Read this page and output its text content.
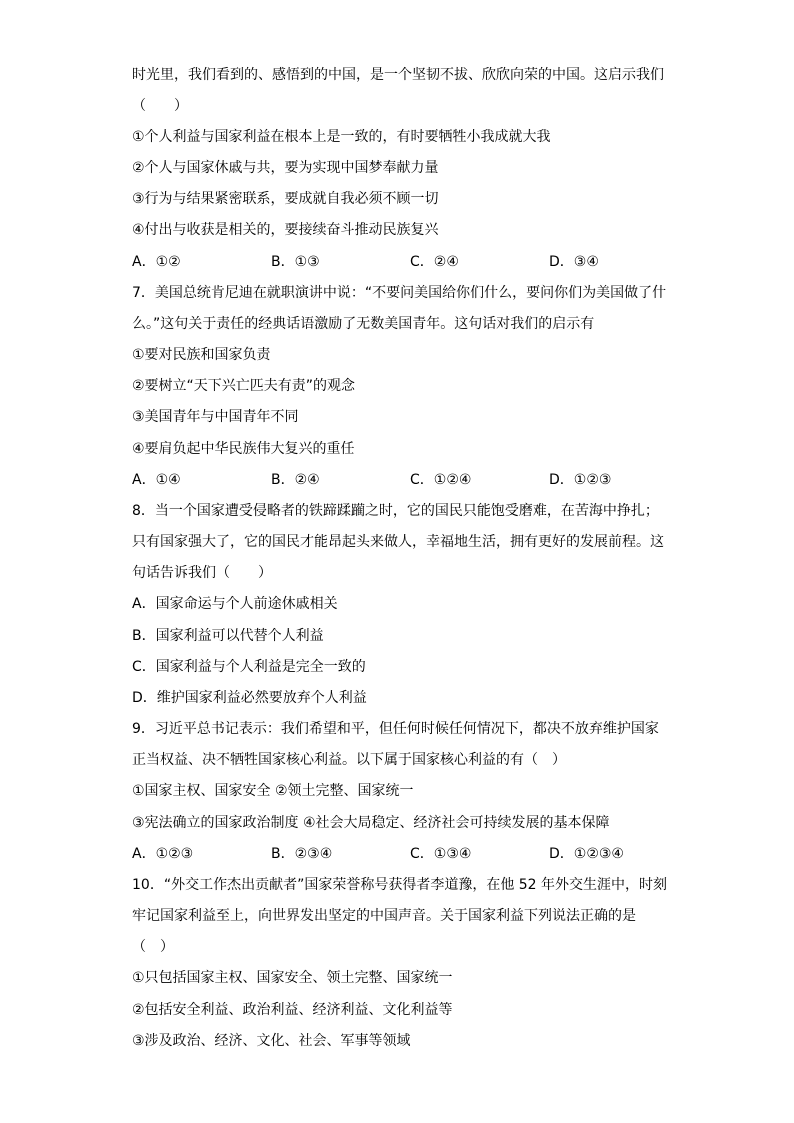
时光里，我们看到的、感悟到的中国，是一个坚韧不拔、欣欣向荣的中国。这启示我们
（　　）
①个人利益与国家利益在根本上是一致的，有时要牺牲小我成就大我
②个人与国家休戚与共，要为实现中国梦奉献力量
③行为与结果紧密联系，要成就自我必须不顾一切
④付出与收获是相关的，要接续奋斗推动民族复兴
A．①②	B．①③	C．②④	D．③④
7．美国总统肯尼迪在就职演讲中说：“不要问美国给你们什么，要问你们为美国做了什
么。”这句关于责任的经典话语激励了无数美国青年。这句话对我们的启示有
①要对民族和国家负责
②要树立“天下兴亡匹夫有责”的观念
③美国青年与中国青年不同
④要肩负起中华民族伟大复兴的重任
A．①④	B．②④	C．①②④	D．①②③
8．当一个国家遭受侵略者的铁蹄蹂躏之时，它的国民只能饱受磨难，在苦海中挣扎；
只有国家强大了，它的国民才能昂起头来做人，幸福地生活，拥有更好的发展前程。这
句话告诉我们（　　）
A．国家命运与个人前途休戚相关
B．国家利益可以代替个人利益
C．国家利益与个人利益是完全一致的
D．维护国家利益必然要放弃个人利益
9．习近平总书记表示：我们希望和平，但任何时候任何情况下，都决不放弃维护国家
正当权益、决不牺牲国家核心利益。以下属于国家核心利益的有（　）
①国家主权、国家安全 ②领土完整、国家统一
③宪法确立的国家政治制度 ④社会大局稳定、经济社会可持续发展的基本保障
A．①②③	B．②③④	C．①③④	D．①②③④
10．“外交工作杰出贡献者”国家荣誉称号获得者李道豫，在他 52 年外交生涯中，时刻
牢记国家利益至上，向世界发出坚定的中国声音。关于国家利益下列说法正确的是
（　）
①只包括国家主权、国家安全、领土完整、国家统一
②包括安全利益、政治利益、经济利益、文化利益等
③涉及政治、经济、文化、社会、军事等领域
